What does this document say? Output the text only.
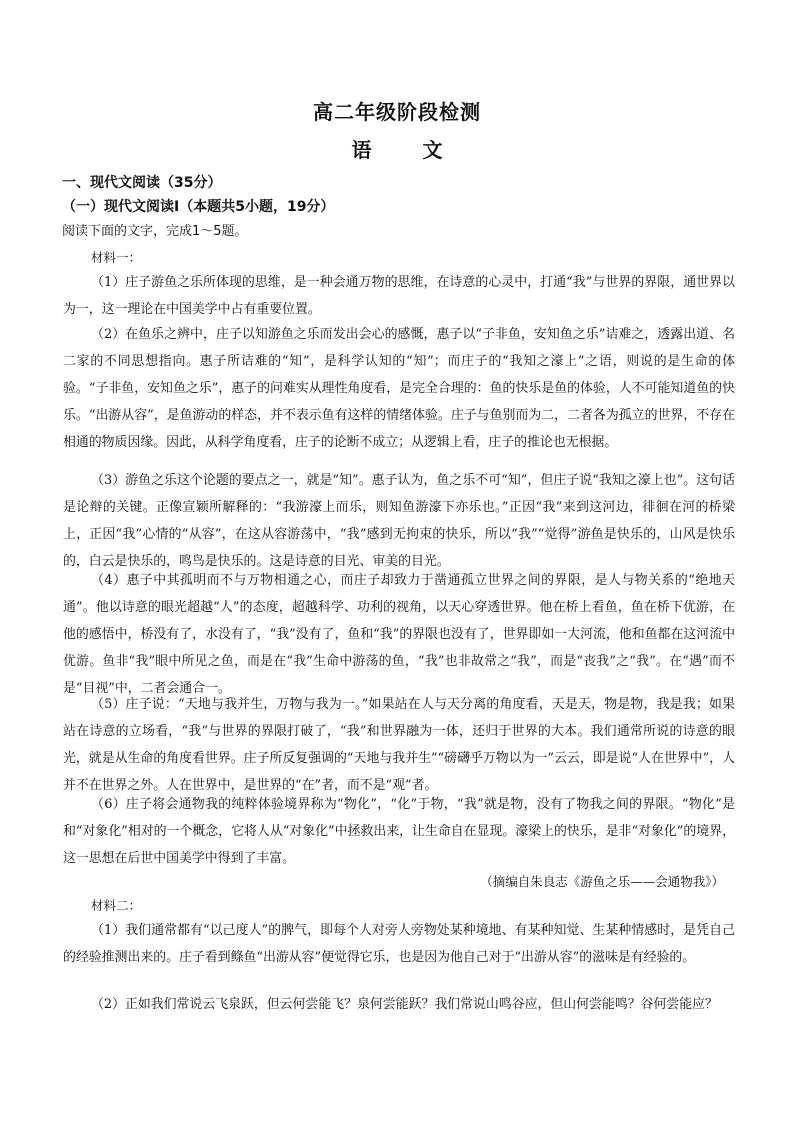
高二年级阶段检测
语 文
一、现代文阅读（35分）
（一）现代文阅读Ⅰ（本题共5小题，19分）
阅读下面的文字，完成1～5题。
材料一：

（1）庄子游鱼之乐所体现的思维，是一种会通万物的思维，在诗意的心灵中，打通“我”与世界的界限，通世界以为一，这一理论在中国美学中占有重要位置。

（2）在鱼乐之辨中，庄子以知游鱼之乐而发出会心的感慨，惠子以“子非鱼，安知鱼之乐”诘难之，透露出道、名二家的不同思想指向。惠子所诘难的“知”，是科学认知的“知”；而庄子的“我知之濠上”之语，则说的是生命的体验。“子非鱼，安知鱼之乐”，惠子的问难实从理性角度看，是完全合理的：鱼的快乐是鱼的体验，人不可能知道鱼的快乐。“出游从容”，是鱼游动的样态，并不表示鱼有这样的情绪体验。庄子与鱼别而为二，二者各为孤立的世界，不存在相通的物质因缘。因此，从科学角度看，庄子的论断不成立；从逻辑上看，庄子的推论也无根据。

（3）游鱼之乐这个论题的要点之一，就是“知”。惠子认为，鱼之乐不可“知”，但庄子说“我知之濠上也”。这句话是论辩的关键。正像宣颖所解释的：“我游濠上而乐，则知鱼游濠下亦乐也。”正因“我”来到这河边，徘徊在河的桥梁上，正因“我”心情的“从容”，在这从容游荡中，“我”感到无拘束的快乐，所以“我”“觉得”游鱼是快乐的，山风是快乐的，白云是快乐的，鸣鸟是快乐的。这是诗意的目光、审美的目光。

（4）惠子中其孤明而不与万物相通之心，而庄子却致力于凿通孤立世界之间的界限，是人与物关系的“绝地天通”。他以诗意的眼光超越“人”的态度，超越科学、功利的视角，以天心穿透世界。他在桥上看鱼，鱼在桥下优游，在他的感悟中，桥没有了，水没有了，“我”没有了，鱼和“我”的界限也没有了，世界即如一大河流，他和鱼都在这河流中优游。鱼非“我”眼中所见之鱼，而是在“我”生命中游荡的鱼，“我”也非故常之“我”，而是“丧我”之“我”。在“遇”而不是“目视”中，二者会通合一。

（5）庄子说：“天地与我并生，万物与我为一。”如果站在人与天分离的角度看，天是天，物是物，我是我；如果站在诗意的立场看，“我”与世界的界限打破了，“我”和世界融为一体，还归于世界的大本。我们通常所说的诗意的眼光，就是从生命的角度看世界。庄子所反复强调的“天地与我并生”“磅礴乎万物以为一”云云，即是说“人在世界中”，人并不在世界之外。人在世界中，是世界的“在”者，而不是“观”者。

（6）庄子将会通物我的纯粹体验境界称为“物化”，“化”于物，“我”就是物，没有了物我之间的界限。“物化”是和“对象化”相对的一个概念，它将人从“对象化”中拯救出来，让生命自在显现。濠梁上的快乐，是非“对象化”的境界，这一思想在后世中国美学中得到了丰富。

（摘编自朱良志《游鱼之乐——会通物我》）
材料二：

（1）我们通常都有“以己度人”的脾气，即每个人对旁人旁物处某种境地、有某种知觉、生某种情感时，是凭自己的经验推测出来的。庄子看到鲦鱼“出游从容”便觉得它乐，也是因为他自己对于“出游从容”的滋味是有经验的。

（2）正如我们常说云飞泉跃，但云何尝能飞？泉何尝能跃？我们常说山鸣谷应，但山何尝能鸣？谷何尝能应？
